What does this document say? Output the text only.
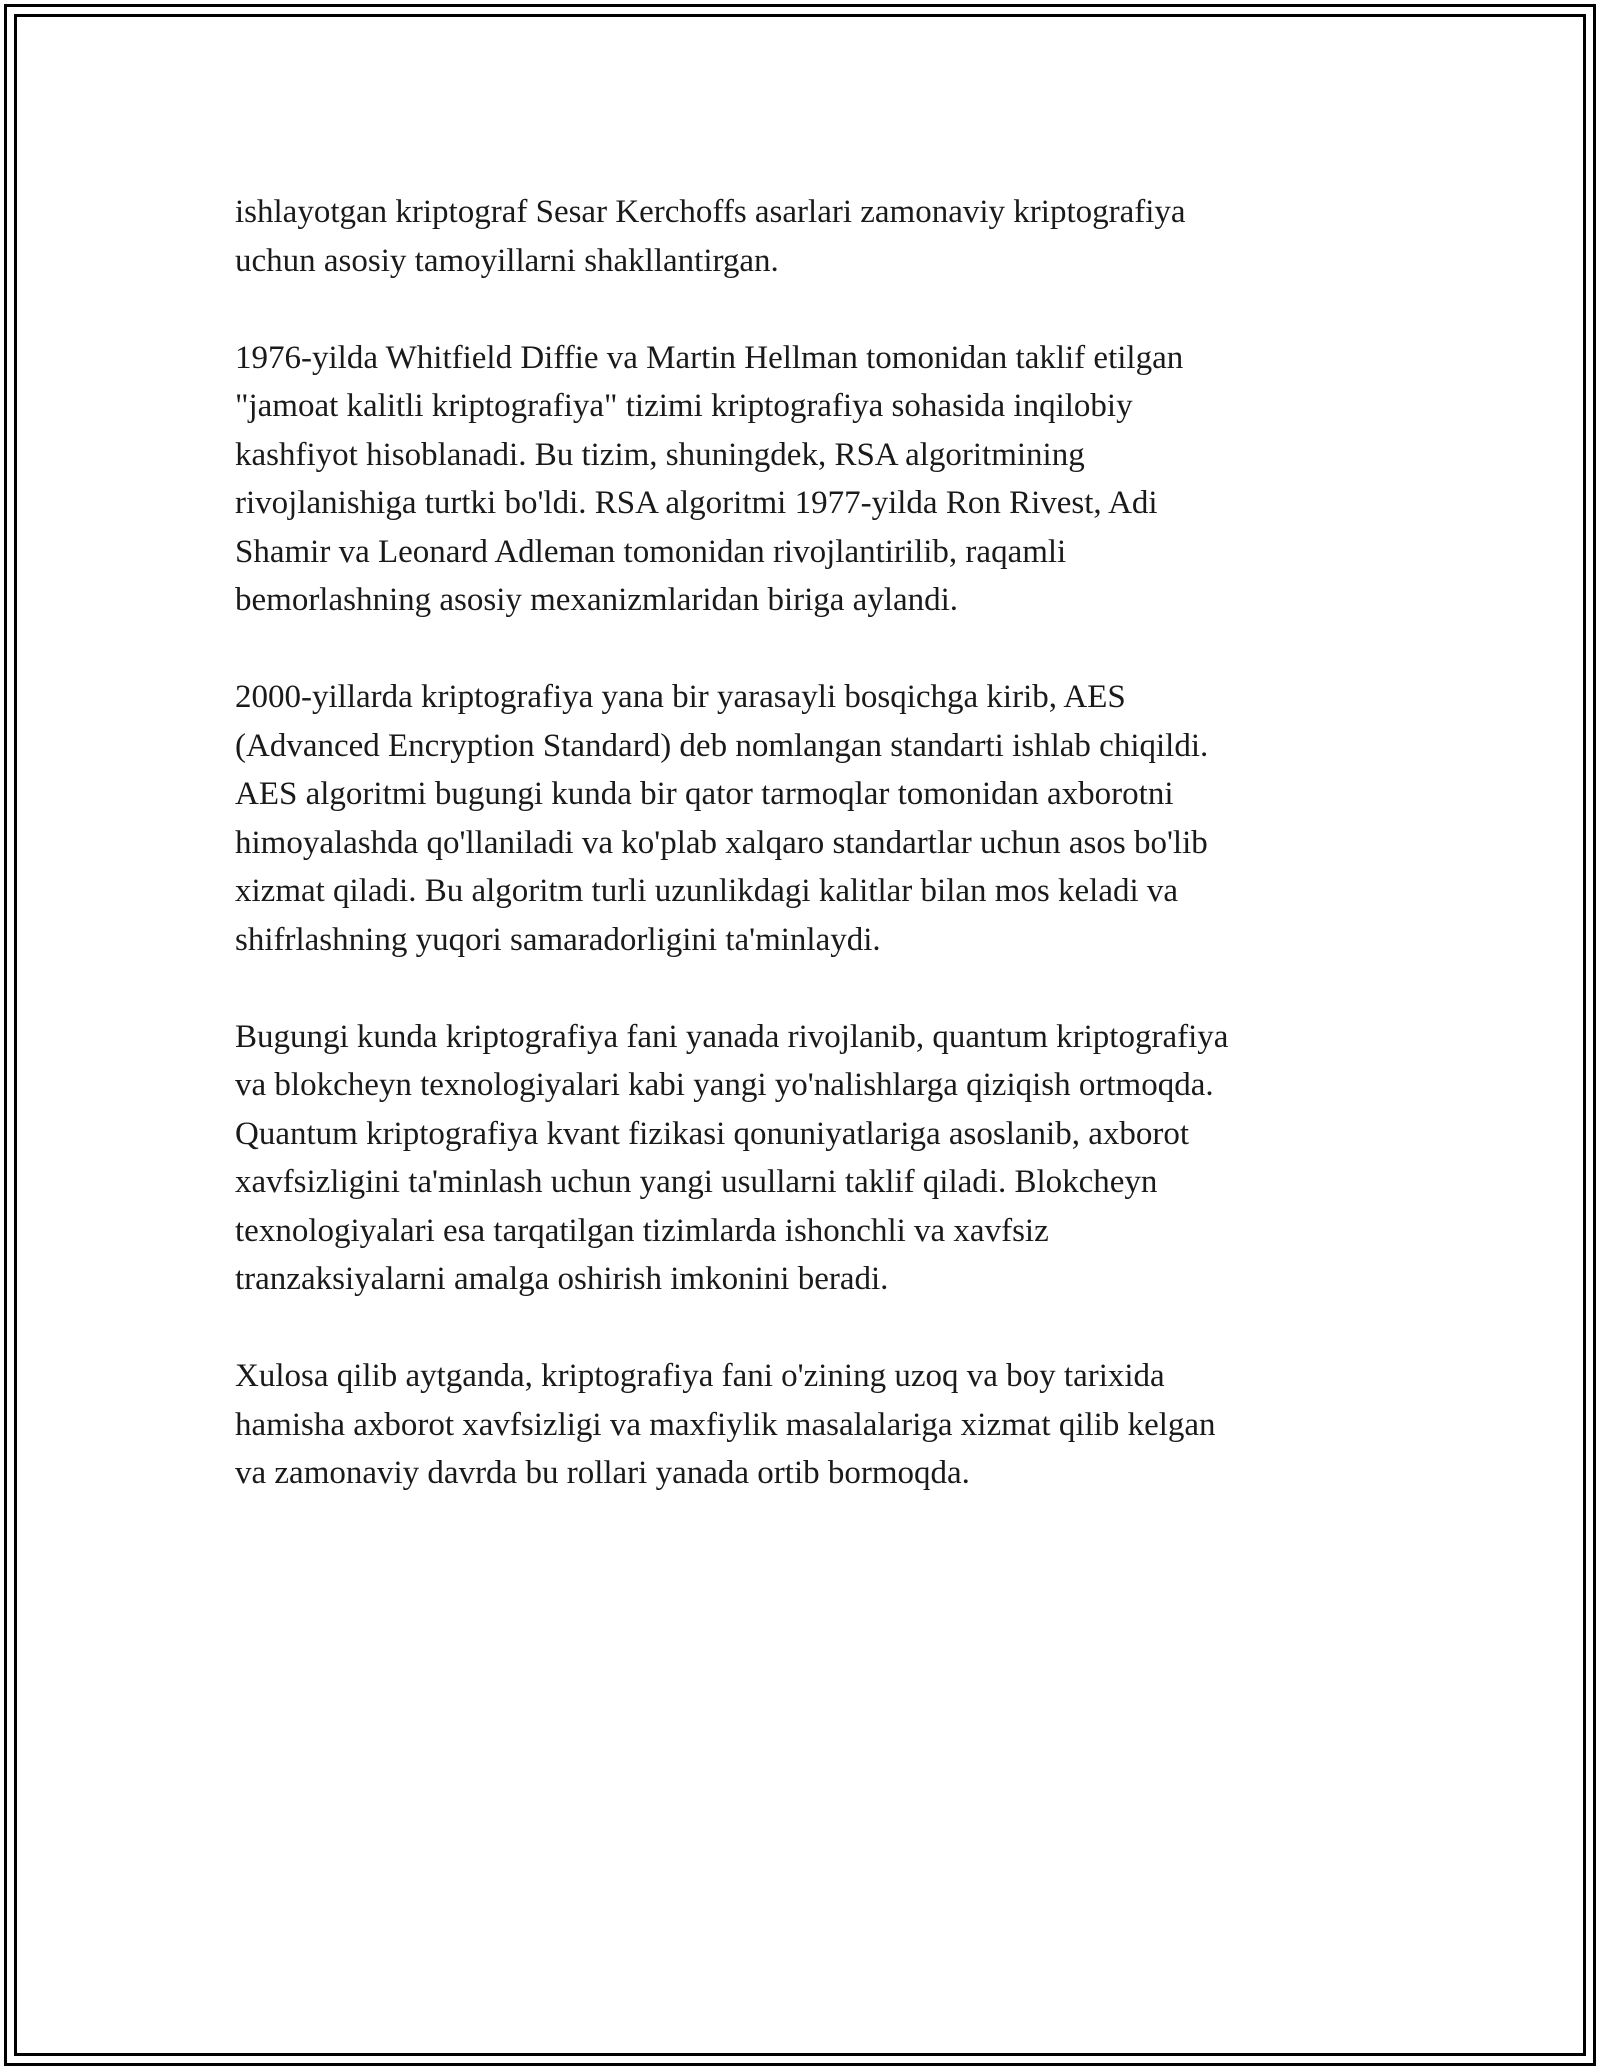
ishlayotgan kriptograf Sesar Kerchoffs asarlari zamonaviy kriptografiya
uchun asosiy tamoyillarni shakllantirgan.

1976-yilda Whitfield Diffie va Martin Hellman tomonidan taklif etilgan
"jamoat kalitli kriptografiya" tizimi kriptografiya sohasida inqilobiy
kashfiyot hisoblanadi. Bu tizim, shuningdek, RSA algoritmining
rivojlanishiga turtki bo'ldi. RSA algoritmi 1977-yilda Ron Rivest, Adi
Shamir va Leonard Adleman tomonidan rivojlantirilib, raqamli
bemorlashning asosiy mexanizmlaridan biriga aylandi.

2000-yillarda kriptografiya yana bir yarasayli bosqichga kirib, AES
(Advanced Encryption Standard) deb nomlangan standarti ishlab chiqildi.
AES algoritmi bugungi kunda bir qator tarmoqlar tomonidan axborotni
himoyalashda qo'llaniladi va ko'plab xalqaro standartlar uchun asos bo'lib
xizmat qiladi. Bu algoritm turli uzunlikdagi kalitlar bilan mos keladi va
shifrlashning yuqori samaradorligini ta'minlaydi.

Bugungi kunda kriptografiya fani yanada rivojlanib, quantum kriptografiya
va blokcheyn texnologiyalari kabi yangi yo'nalishlarga qiziqish ortmoqda.
Quantum kriptografiya kvant fizikasi qonuniyatlariga asoslanib, axborot
xavfsizligini ta'minlash uchun yangi usullarni taklif qiladi. Blokcheyn
texnologiyalari esa tarqatilgan tizimlarda ishonchli va xavfsiz
tranzaksiyalarni amalga oshirish imkonini beradi.

Xulosa qilib aytganda, kriptografiya fani o'zining uzoq va boy tarixida
hamisha axborot xavfsizligi va maxfiylik masalalariga xizmat qilib kelgan
va zamonaviy davrda bu rollari yanada ortib bormoqda.
